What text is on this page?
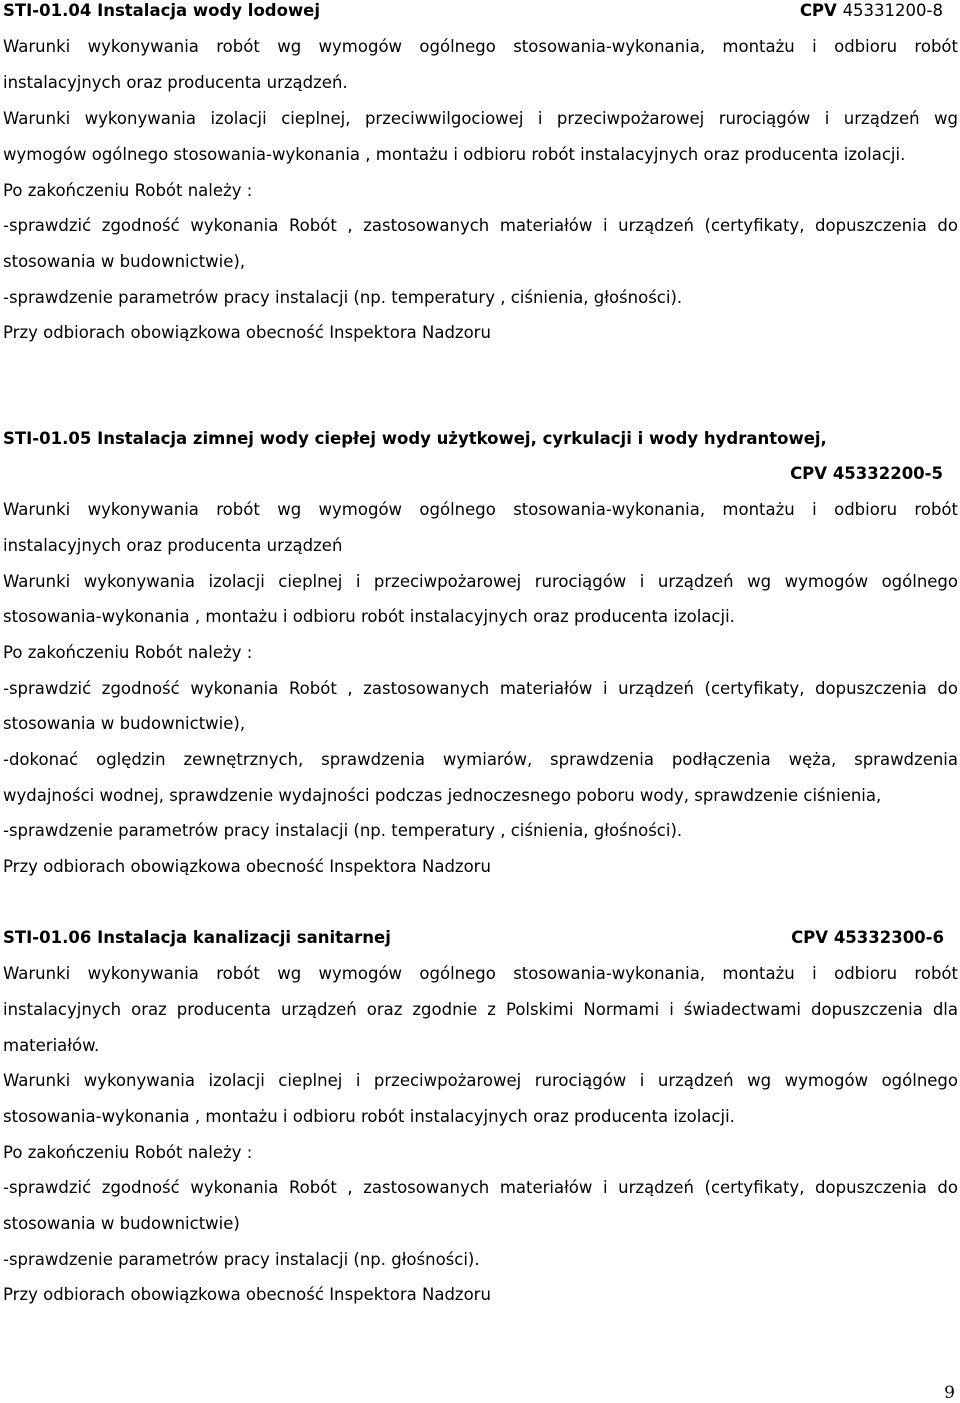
STI-01.04 Instalacja wody lodowej	CPV 45331200-8
Warunki wykonywania robót wg wymogów ogólnego stosowania-wykonania, montażu i odbioru robót
instalacyjnych oraz producenta urządzeń.
Warunki wykonywania izolacji cieplnej, przeciwwilgociowej i przeciwpożarowej rurociągów i urządzeń wg
wymogów ogólnego stosowania-wykonania , montażu i odbioru robót instalacyjnych oraz producenta izolacji.
Po zakończeniu Robót należy :
-sprawdzić zgodność wykonania Robót , zastosowanych materiałów i urządzeń (certyfikaty, dopuszczenia do
stosowania w budownictwie),
-sprawdzenie parametrów pracy instalacji (np. temperatury , ciśnienia, głośności).
Przy odbiorach obowiązkowa obecność Inspektora Nadzoru
STI-01.05 Instalacja zimnej wody ciepłej wody użytkowej, cyrkulacji i wody hydrantowej,
CPV 45332200-5
Warunki wykonywania robót wg wymogów ogólnego stosowania-wykonania, montażu i odbioru robót
instalacyjnych oraz producenta urządzeń
Warunki wykonywania izolacji cieplnej i przeciwpożarowej rurociągów i urządzeń wg wymogów ogólnego
stosowania-wykonania , montażu i odbioru robót instalacyjnych oraz producenta izolacji.
Po zakończeniu Robót należy :
-sprawdzić zgodność wykonania Robót , zastosowanych materiałów i urządzeń (certyfikaty, dopuszczenia do
stosowania w budownictwie),
-dokonać oględzin zewnętrznych, sprawdzenia wymiarów, sprawdzenia podłączenia węża, sprawdzenia
wydajności wodnej, sprawdzenie wydajności podczas jednoczesnego poboru wody, sprawdzenie ciśnienia,
-sprawdzenie parametrów pracy instalacji (np. temperatury , ciśnienia, głośności).
Przy odbiorach obowiązkowa obecność Inspektora Nadzoru
STI-01.06 Instalacja kanalizacji sanitarnej	CPV 45332300-6
Warunki wykonywania robót wg wymogów ogólnego stosowania-wykonania, montażu i odbioru robót
instalacyjnych oraz producenta urządzeń oraz zgodnie z Polskimi Normami i świadectwami dopuszczenia dla
materiałów.
Warunki wykonywania izolacji cieplnej i przeciwpożarowej rurociągów i urządzeń wg wymogów ogólnego
stosowania-wykonania , montażu i odbioru robót instalacyjnych oraz producenta izolacji.
Po zakończeniu Robót należy :
-sprawdzić zgodność wykonania Robót , zastosowanych materiałów i urządzeń (certyfikaty, dopuszczenia do
stosowania w budownictwie)
-sprawdzenie parametrów pracy instalacji (np. głośności).
Przy odbiorach obowiązkowa obecność Inspektora Nadzoru
9
